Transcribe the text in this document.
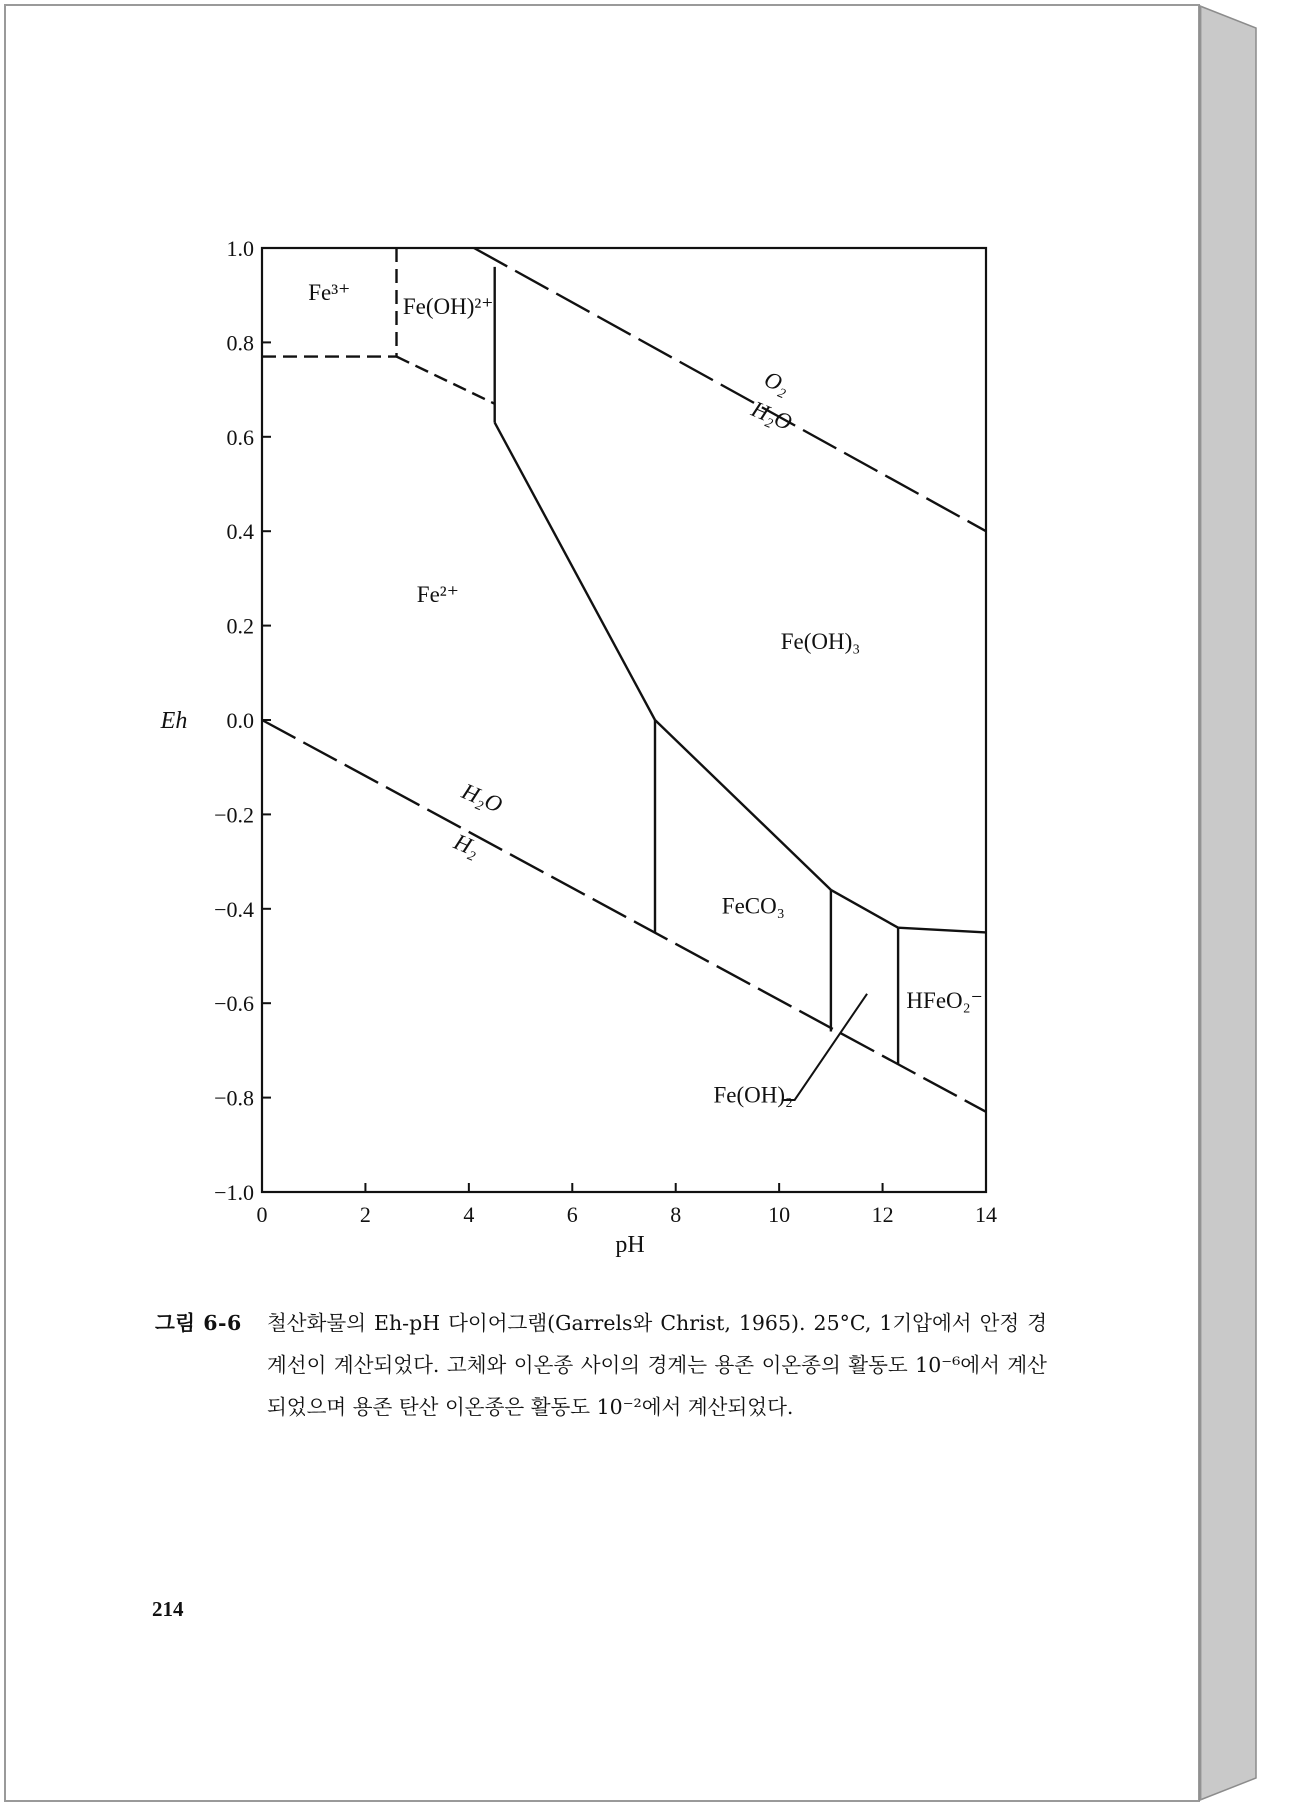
0	2	4	6	8	10	12	14
1.0
0.8
0.6
0.4
0.2
0.0
−0.2
−0.4
−0.6
−0.8
−1.0
pH
Eh
Fe³⁺
Fe(OH)²⁺
Fe²⁺
Fe(OH)₃
FeCO₃
HFeO₂⁻
Fe(OH)₂
O₂
H₂O
H₂O
H₂
그림 6-6 철산화물의 Eh-pH 다이어그램(Garrels와 Christ, 1965). 25°C, 1기압에서 안정 경계선이 계산되었다. 고체와 이온종 사이의 경계는 용존 이온종의 활동도 10⁻⁶에서 계산되었으며 용존 탄산 이온종은 활동도 10⁻²에서 계산되었다.
214
